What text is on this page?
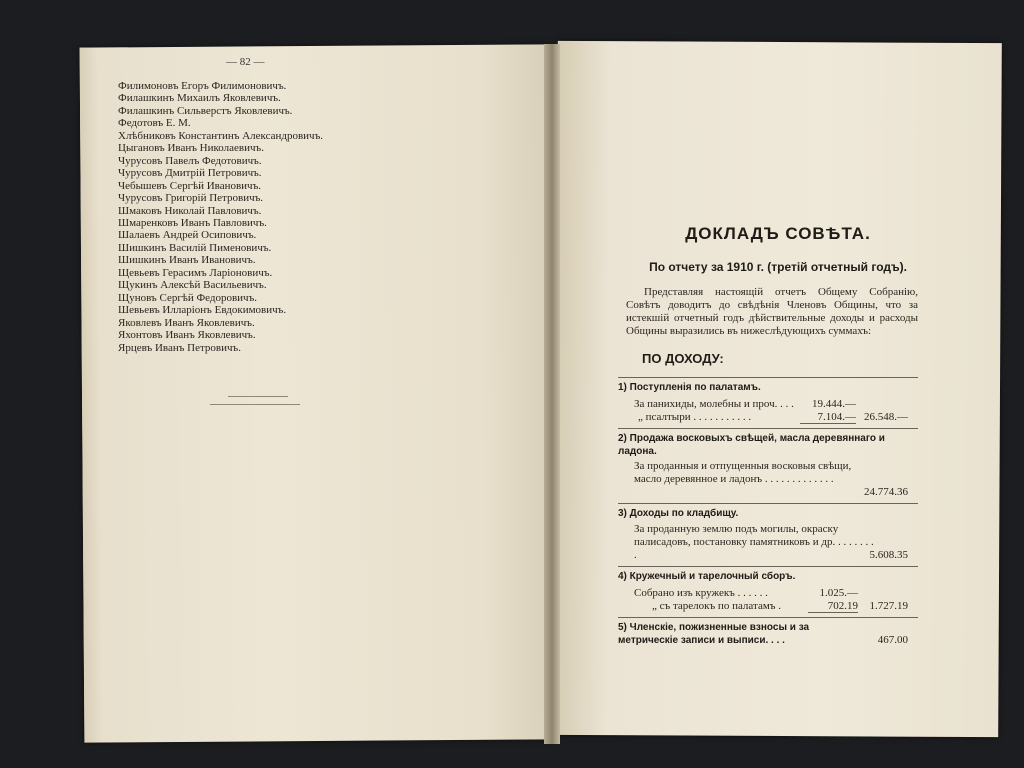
— 82 —
Филимоновъ Егоръ Филимоновичъ.
Филашкинъ Михаилъ Яковлевичъ.
Филашкинъ Сильверстъ Яковлевичъ.
Федотовъ Е. М.
Хлѣбниковъ Константинъ Александровичъ.
Цыгановъ Иванъ Николаевичъ.
Чурусовъ Павелъ Федотовичъ.
Чурусовъ Дмитрій Петровичъ.
Чебышевъ Сергѣй Ивановичъ.
Чурусовъ Григорій Петровичъ.
Шмаковъ Николай Павловичъ.
Шмаренковъ Иванъ Павловичъ.
Шалаевъ Андрей Осиповичъ.
Шишкинъ Василій Пименовичъ.
Шишкинъ Иванъ Ивановичъ.
Щевьевъ Герасимъ Ларіоновичъ.
Щукинъ Алексѣй Васильевичъ.
Щуновъ Сергѣй Федоровичъ.
Шевьевъ Илларіонъ Евдокимовичъ.
Яковлевъ Иванъ Яковлевичъ.
Яхонтовъ Иванъ Яковлевичъ.
Ярцевъ Иванъ Петровичъ.
ДОКЛАДЪ СОВѢТА.
По отчету за 1910 г. (третій отчетный годъ).
Представляя настоящій отчетъ Общему Собранію, Совѣтъ доводитъ до свѣдѣнія Членовъ Общины, что за истекшій отчетный годъ дѣйствительные доходы и расходы Общины выразились въ нижеслѣдующихъ суммахъ:
ПО ДОХОДУ:
1) Поступленія по палатамъ.
За панихиды, молебны и проч. . . .	19.444.—
„ псалтыри . . . . . . . . . . .	7.104.— 26.548.—
2) Продажа восковыхъ свѣщей, масла деревяннаго и ладона.
За проданныя и отпущенныя восковыя свѣщи, масло деревянное и ладонъ . . . . . . . . . . . . .
24.774.36
3) Доходы по кладбищу.
За проданную землю подъ могилы, окраску палисадовъ, постановку памятниковъ и др. . . . . . . . .	5.608.35
4) Кружечный и тарелочный сборъ.
Собрано изъ кружекъ . . . . . .	1.025.—
„ съ тарелокъ по палатамъ .	702.19	1.727.19
5) Членскіе, пожизненные взносы и за метрическіе записи и выписи. . . .	467.00
